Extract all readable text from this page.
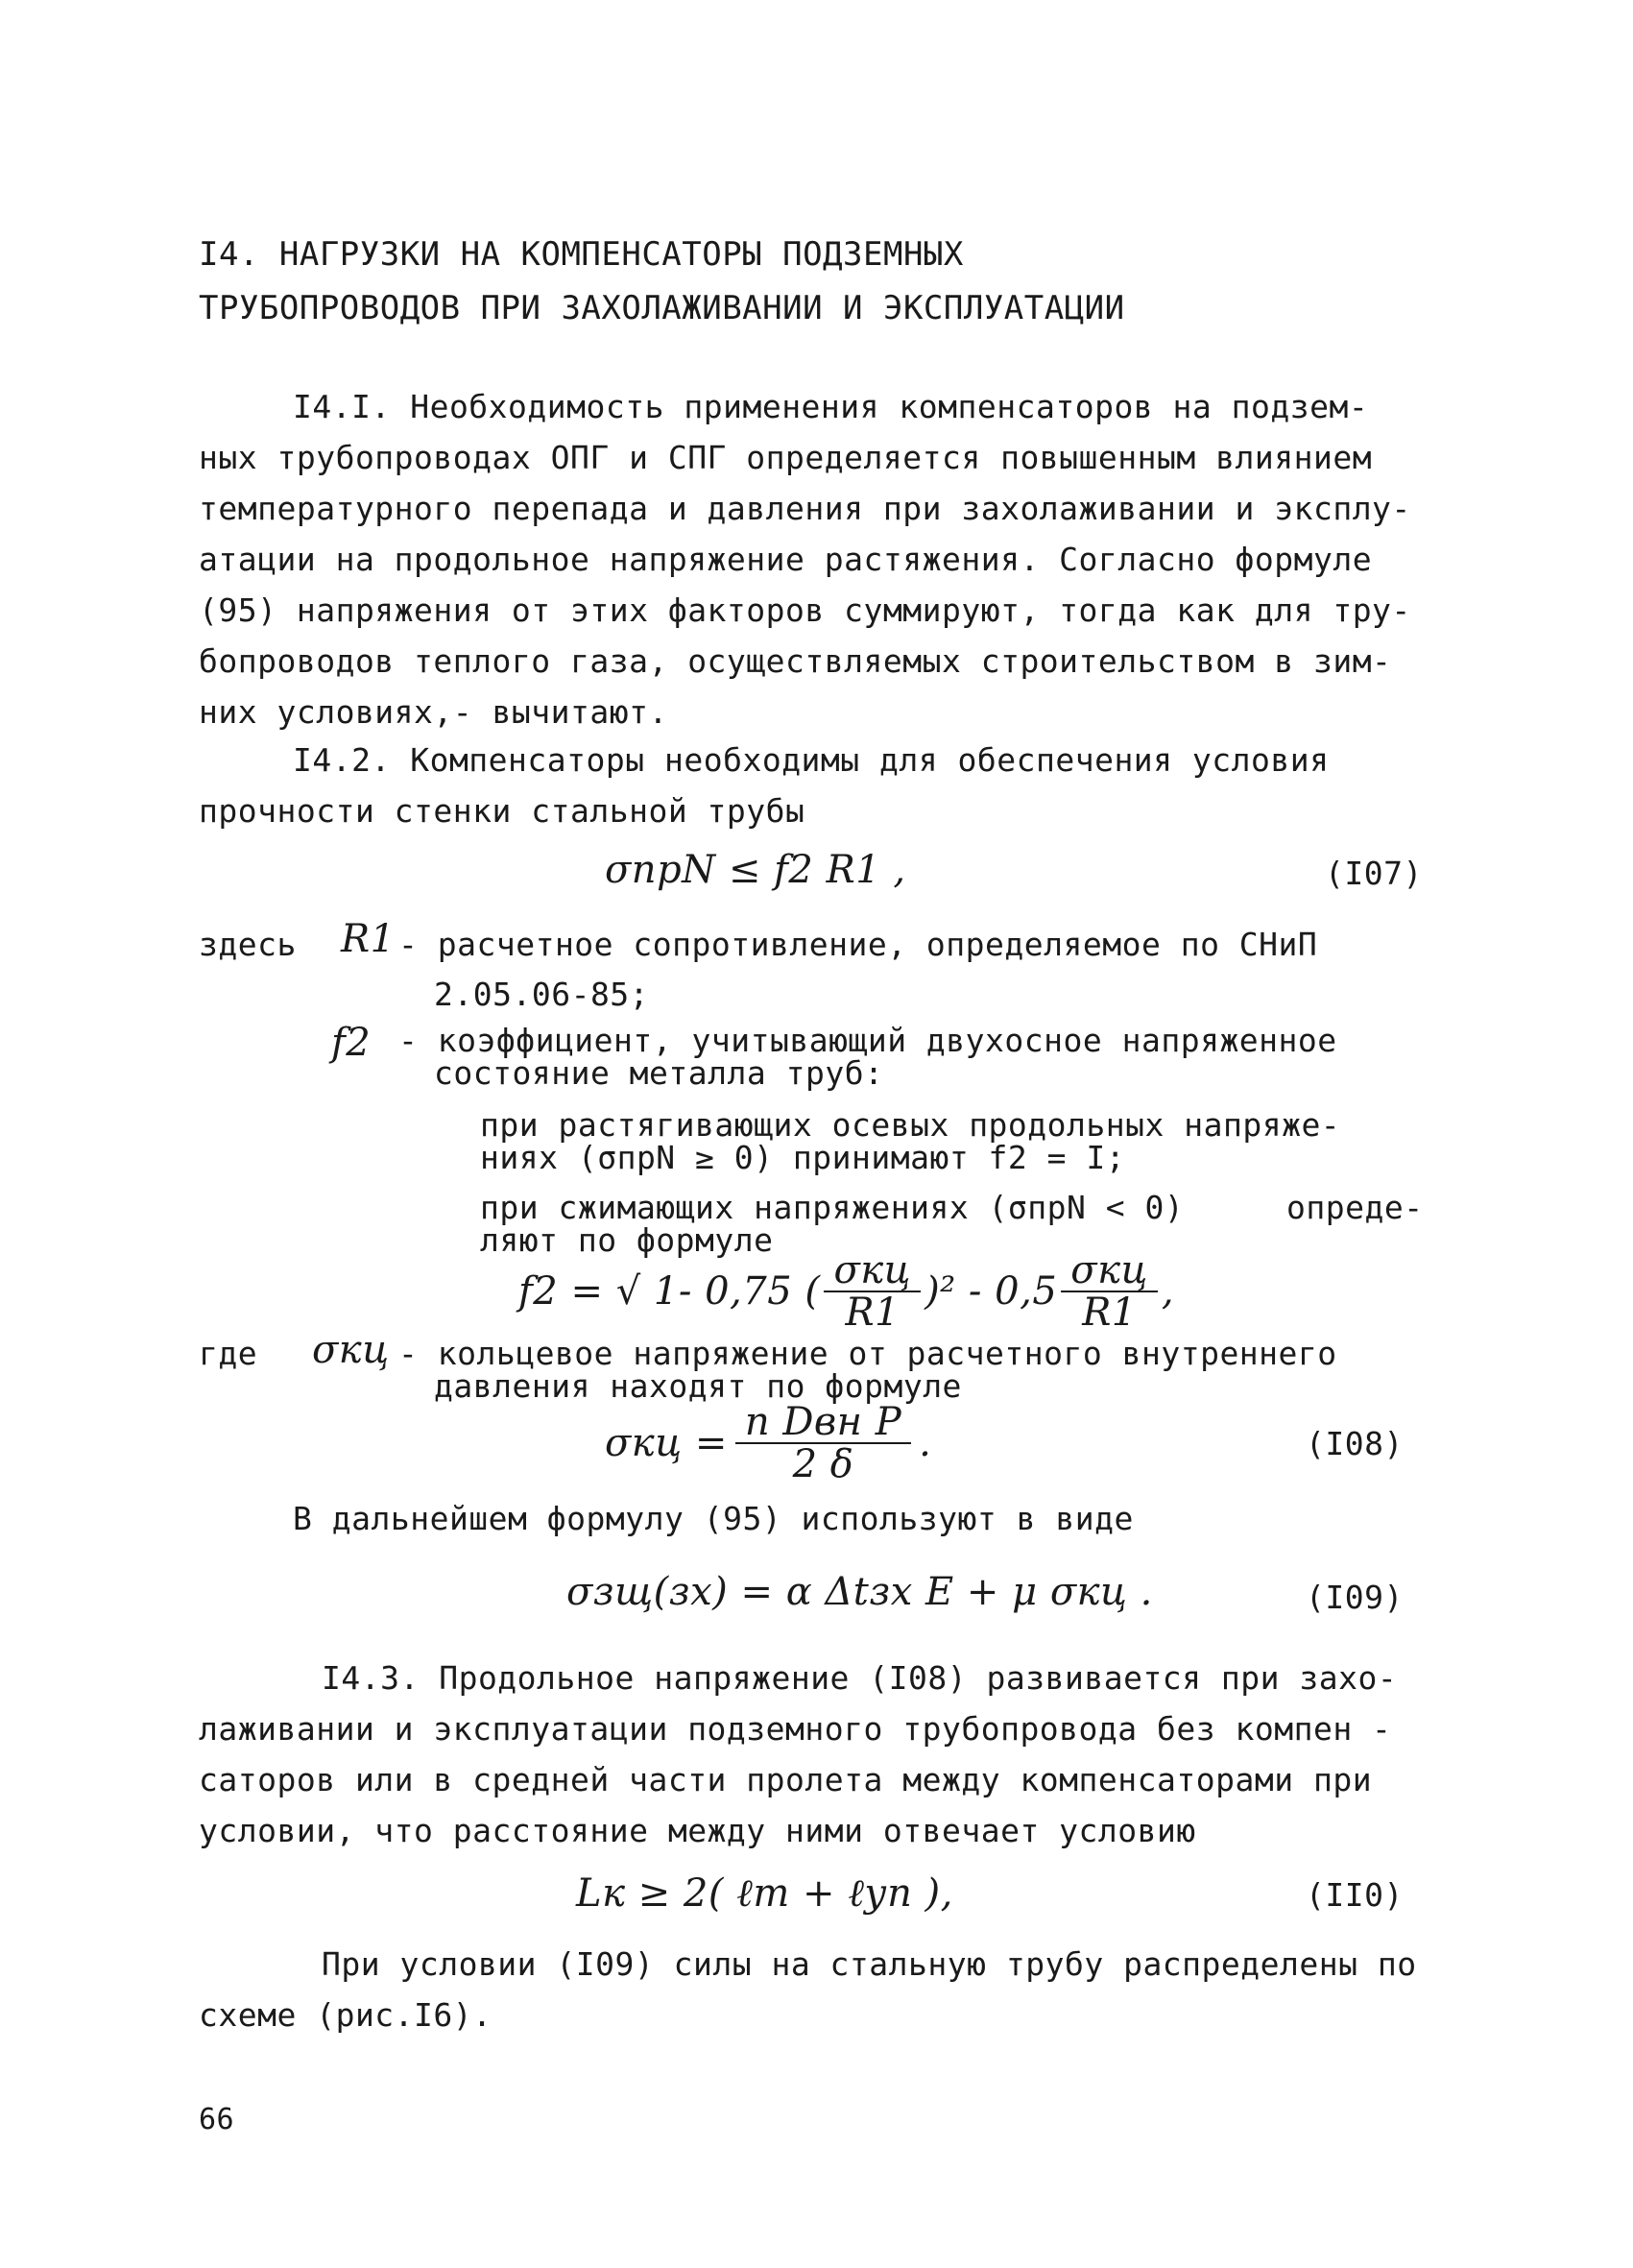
I4. НАГРУЗКИ НА КОМПЕНСАТОРЫ ПОДЗЕМНЫХ
ТРУБОПРОВОДОВ ПРИ ЗАХОЛАЖИВАНИИ И ЭКСПЛУАТАЦИИ
I4.I. Необходимость применения компенсаторов на подзем-
ных трубопроводах ОПГ и СПГ определяется повышенным влиянием
температурного перепада и давления при захолаживании и эксплу-
атации на продольное напряжение растяжения. Согласно формуле
(95) напряжения от этих факторов суммируют, тогда как для тру-
бопроводов теплого газа, осуществляемых строительством в зим-
них условиях,- вычитают.
I4.2. Компенсаторы необходимы для обеспечения условия
прочности стенки стальной трубы
σпрN ≤ f2 R1 ,	(I07)
здесь R1 - расчетное сопротивление, определяемое по СНиП
2.05.06-85;
f2 - коэффициент, учитывающий двухосное напряженное
состояние металла труб:
при растягивающих осевых продольных напряже-
ниях (σпрN ≥ 0) принимают f2 = I;
при сжимающих напряжениях (σпрN < 0)	опреде-
ляют по формуле
f2 = √ 1- 0,75 ( $\frac{\text{σкц}}{R1} )^2 - 0,5 \frac{\text{σкц}}{R1}$ ,
где σкц - кольцевое напряжение от расчетного внутреннего
давления находят по формуле
$\sigma кц = \frac{\text{n Dвн P}}{2 \delta}$ .	(I08)
В дальнейшем формулу (95) используют в виде
σзщ(зх) = α Δtзх E + μ σкц .	(I09)
I4.3. Продольное напряжение (I08) развивается при захо-
лаживании и эксплуатации подземного трубопровода без компен -
саторов или в средней части пролета между компенсаторами при
условии, что расстояние между ними отвечает условию
Lк ≥ 2( ℓm + ℓуп ),	(II0)
При условии (I09) силы на стальную трубу распределены по
схеме (рис.I6).
66
